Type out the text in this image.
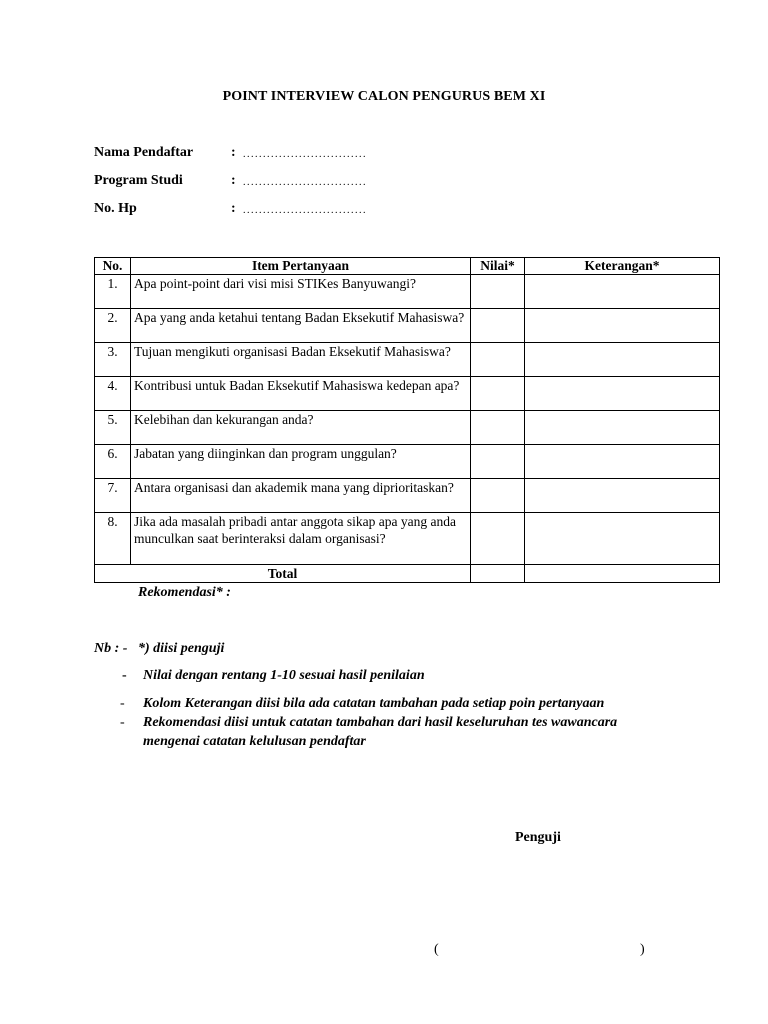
POINT INTERVIEW CALON PENGURUS BEM XI
Nama Pendaftar	: ...............................
Program Studi	: ...............................
No. Hp	: ...............................
No.	Item Pertanyaan	Nilai*	Keterangan*
1.	Apa point-point dari visi misi STIKes Banyuwangi?		
2.	Apa yang anda ketahui tentang Badan Eksekutif Mahasiswa?		
3.	Tujuan mengikuti organisasi Badan Eksekutif Mahasiswa?		
4.	Kontribusi untuk Badan Eksekutif Mahasiswa kedepan apa?		
5.	Kelebihan dan kekurangan anda?		
6.	Jabatan yang diinginkan dan program unggulan?		
7.	Antara organisasi dan akademik mana yang diprioritaskan?		
8.	Jika ada masalah pribadi antar anggota sikap apa yang anda munculkan saat berinteraksi dalam organisasi?		
Total			
Rekomendasi* :
Nb : - *) diisi penguji
- Nilai dengan rentang 1-10 sesuai hasil penilaian
- Kolom Keterangan diisi bila ada catatan tambahan pada setiap poin pertanyaan
- Rekomendasi diisi untuk catatan tambahan dari hasil keseluruhan tes wawancara
mengenai catatan kelulusan pendaftar
Penguji
(	)
